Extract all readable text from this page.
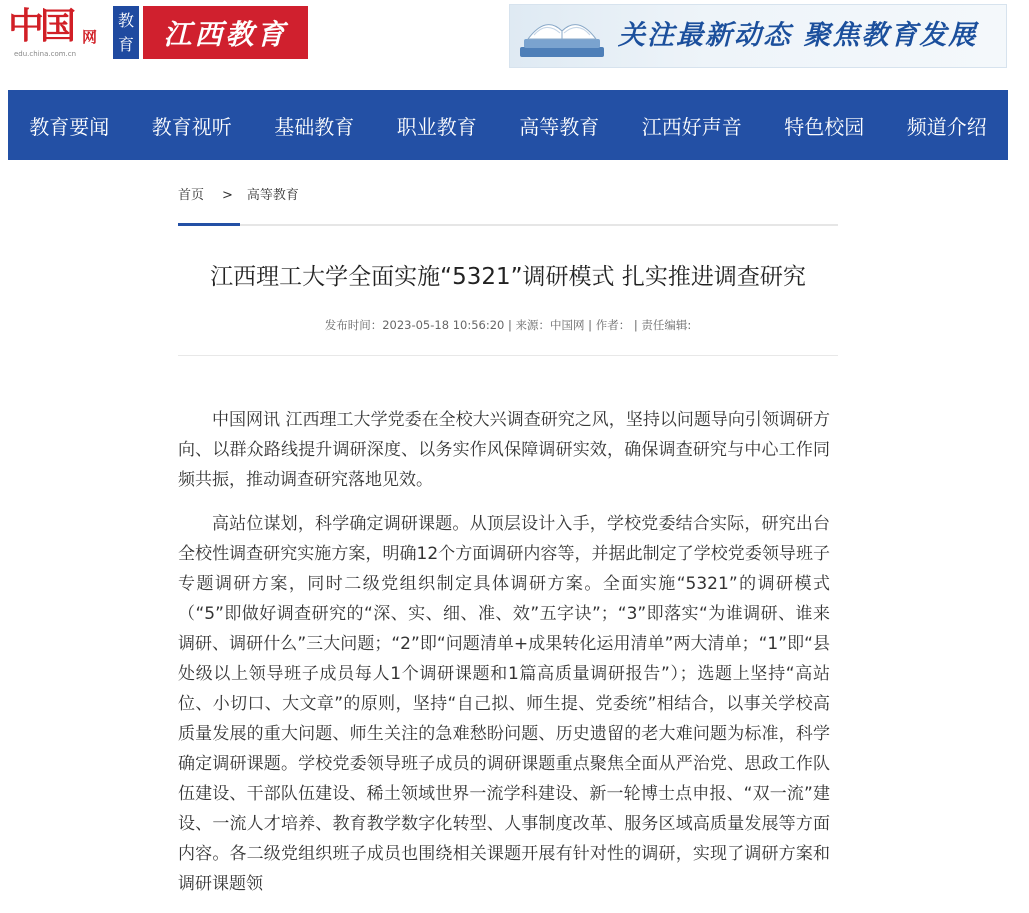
中国 网
edu.china.com.cn
教育	江西教育	关注最新动态 聚焦教育发展
教育要闻 教育视听 基础教育 职业教育 高等教育 江西好声音 特色校园 频道介绍
首页 > 高等教育
江西理工大学全面实施“5321”调研模式 扎实推进调查研究
发布时间：2023-05-18 10:56:20 | 来源：中国网 | 作者： | 责任编辑:

中国网讯 江西理工大学党委在全校大兴调查研究之风，坚持以问题导向引领调研方向、以群众路线提升调研深度、以务实作风保障调研实效，确保调查研究与中心工作同频共振，推动调查研究落地见效。

高站位谋划，科学确定调研课题。从顶层设计入手，学校党委结合实际，研究出台全校性调查研究实施方案，明确12个方面调研内容等，并据此制定了学校党委领导班子专题调研方案，同时二级党组织制定具体调研方案。全面实施“5321”的调研模式（“5”即做好调查研究的“深、实、细、准、效”五字诀”；“3”即落实“为谁调研、谁来调研、调研什么”三大问题；“2”即“问题清单+成果转化运用清单”两大清单；“1”即“县处级以上领导班子成员每人1个调研课题和1篇高质量调研报告”）；选题上坚持“高站位、小切口、大文章”的原则，坚持“自己拟、师生提、党委统”相结合，以事关学校高质量发展的重大问题、师生关注的急难愁盼问题、历史遗留的老大难问题为标准，科学确定调研课题。学校党委领导班子成员的调研课题重点聚焦全面从严治党、思政工作队伍建设、干部队伍建设、稀土领域世界一流学科建设、新一轮博士点申报、“双一流”建设、一流人才培养、教育教学数字化转型、人事制度改革、服务区域高质量发展等方面内容。各二级党组织班子成员也围绕相关课题开展有针对性的调研，实现了调研方案和调研课题领
